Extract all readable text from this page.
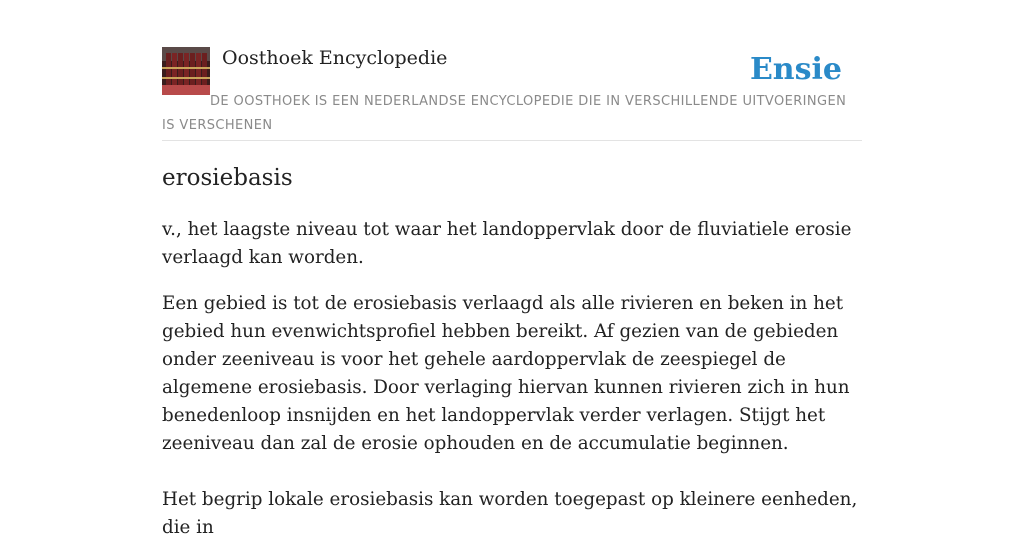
Oosthoek Encyclopedie	Ensie
DE OOSTHOEK IS EEN NEDERLANDSE ENCYCLOPEDIE DIE IN VERSCHILLENDE UITVOERINGEN IS VERSCHENEN
erosiebasis

v., het laagste niveau tot waar het landoppervlak door de fluviatiele erosie verlaagd kan worden.

Een gebied is tot de erosiebasis verlaagd als alle rivieren en beken in het gebied hun evenwichtsprofiel hebben bereikt. Af gezien van de gebieden onder zeeniveau is voor het gehele aardoppervlak de zeespiegel de algemene erosiebasis. Door verlaging hiervan kunnen rivieren zich in hun benedenloop insnijden en het landoppervlak verder verlagen. Stijgt het zeeniveau dan zal de erosie ophouden en de accumulatie beginnen.

Het begrip lokale erosiebasis kan worden toegepast op kleinere eenheden, die in
